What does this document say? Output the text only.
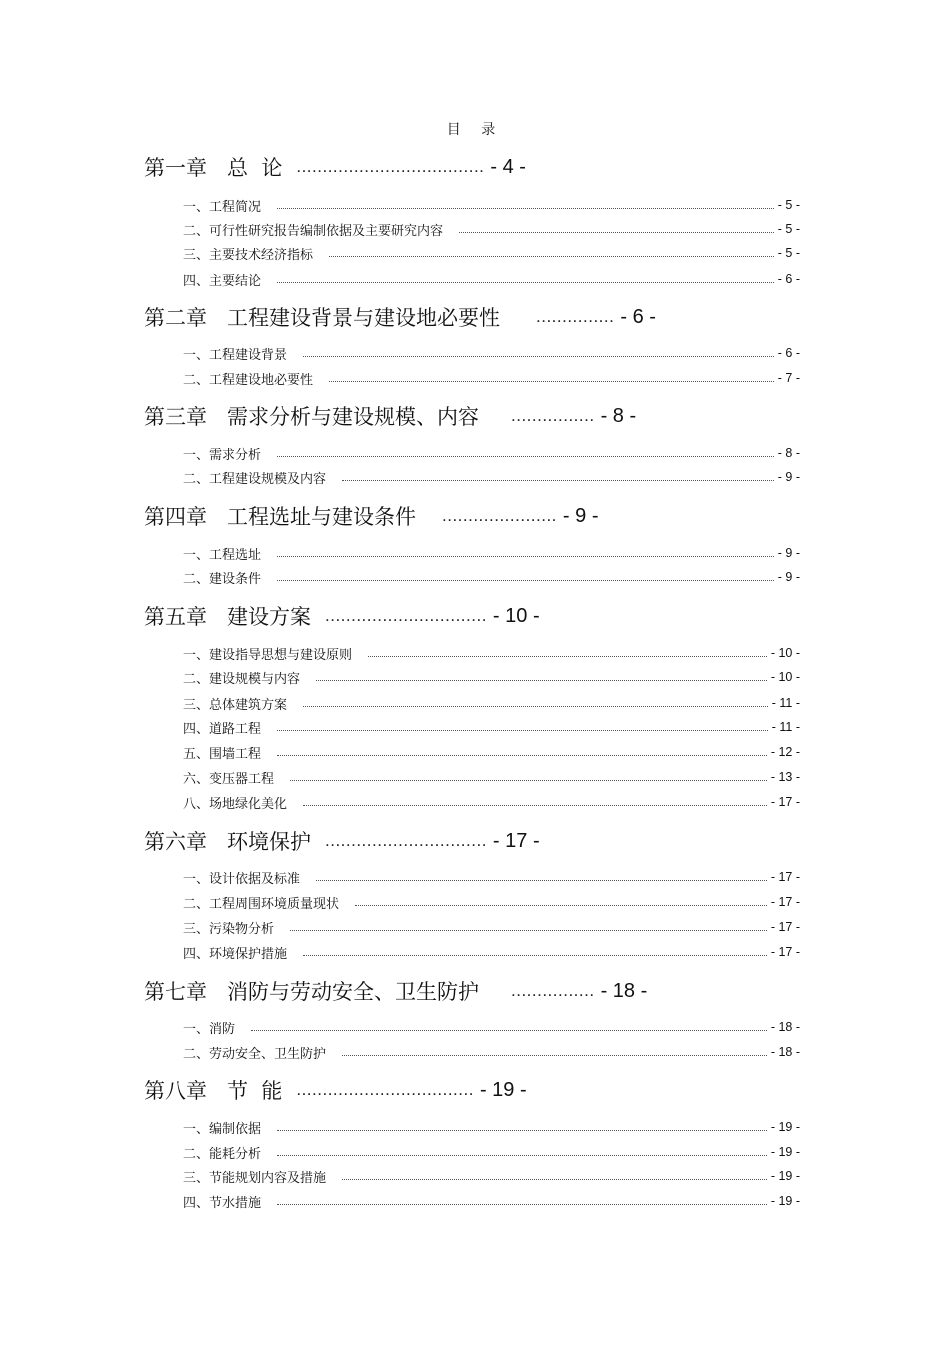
目 录
第一章 总  论 .................................... - 4 -
一、工程简况	- 5 -
二、可行性研究报告编制依据及主要研究内容	- 5 -
三、主要技术经济指标	- 5 -
四、主要结论	- 6 -
第二章 工程建设背景与建设地必要性 ............... - 6 -
一、工程建设背景	- 6 -
二、工程建设地必要性	- 7 -
第三章 需求分析与建设规模、内容 ................ - 8 -
一、需求分析	- 8 -
二、工程建设规模及内容	- 9 -
第四章 工程选址与建设条件 ...................... - 9 -
一、工程选址	- 9 -
二、建设条件	- 9 -
第五章 建设方案 ............................... - 10 -
一、建设指导思想与建设原则	- 10 -
二、建设规模与内容	- 10 -
三、总体建筑方案	- 11 -
四、道路工程	- 11 -
五、围墙工程	- 12 -
六、变压器工程	- 13 -
八、场地绿化美化	- 17 -
第六章 环境保护 ............................... - 17 -
一、设计依据及标准	- 17 -
二、工程周围环境质量现状	- 17 -
三、污染物分析	- 17 -
四、环境保护措施	- 17 -
第七章 消防与劳动安全、卫生防护 ................ - 18 -
一、消防	- 18 -
二、劳动安全、卫生防护	- 18 -
第八章 节  能 .................................. - 19 -
一、编制依据	- 19 -
二、能耗分析	- 19 -
三、节能规划内容及措施	- 19 -
四、节水措施	- 19 -
